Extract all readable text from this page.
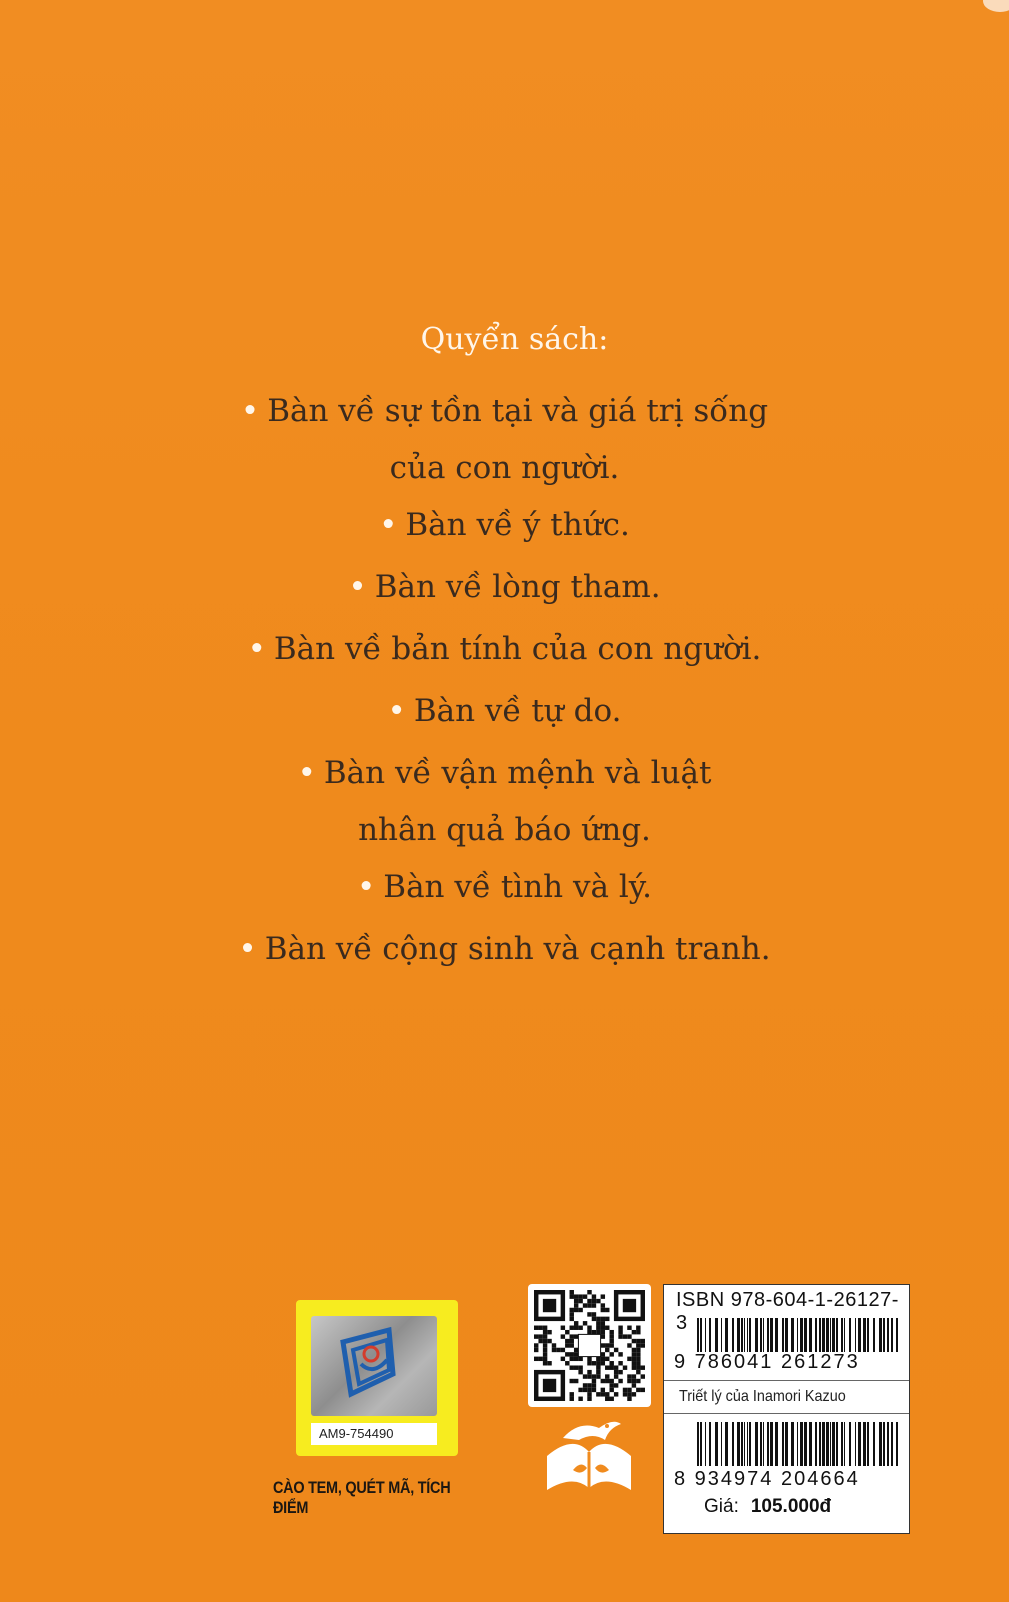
Quyển sách:
• Bàn về sự tồn tại và giá trị sống
của con người.
• Bàn về ý thức.
• Bàn về lòng tham.
• Bàn về bản tính của con người.
• Bàn về tự do.
• Bàn về vận mệnh và luật
nhân quả báo ứng.
• Bàn về tình và lý.
• Bàn về cộng sinh và cạnh tranh.
AM9-754490
CÀO TEM, QUÉT MÃ, TÍCH ĐIỂM
ISBN 978-604-1-26127-3
9 786041 261273
Triết lý của Inamori Kazuo
8 934974 204664
Giá: 105.000đ
